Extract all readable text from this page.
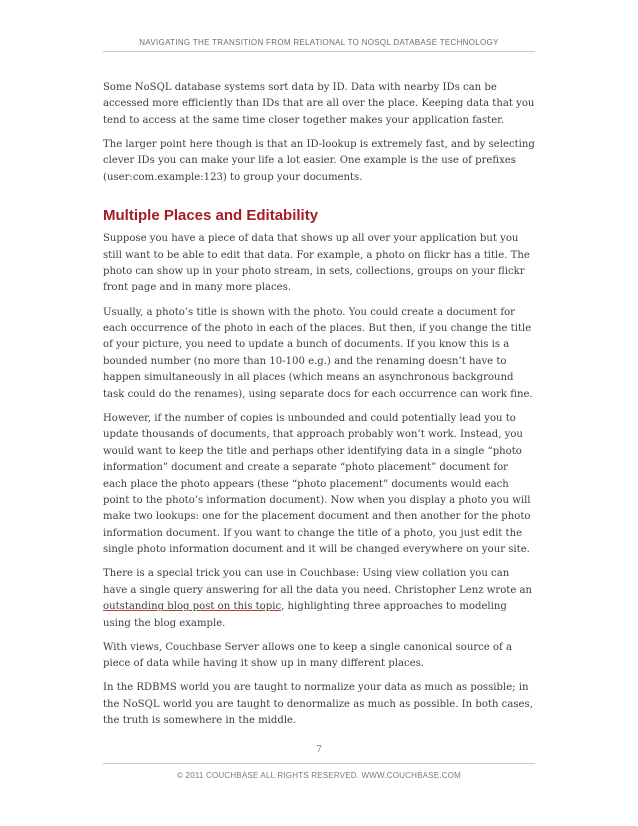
NAVIGATING THE TRANSITION FROM RELATIONAL TO NOSQL DATABASE TECHNOLOGY

Some NoSQL database systems sort data by ID. Data with nearby IDs can be accessed more efficiently than IDs that are all over the place. Keeping data that you tend to access at the same time closer together makes your application faster.

The larger point here though is that an ID-lookup is extremely fast, and by selecting clever IDs you can make your life a lot easier. One example is the use of prefixes (user:com.example:123) to group your documents.

Multiple Places and Editability

Suppose you have a piece of data that shows up all over your application but you still want to be able to edit that data. For example, a photo on flickr has a title. The photo can show up in your photo stream, in sets, collections, groups on your flickr front page and in many more places.

Usually, a photo’s title is shown with the photo. You could create a document for each occurrence of the photo in each of the places. But then, if you change the title of your picture, you need to update a bunch of documents. If you know this is a bounded number (no more than 10-100 e.g.) and the renaming doesn’t have to happen simultaneously in all places (which means an asynchronous background task could do the renames), using separate docs for each occurrence can work fine.

However, if the number of copies is unbounded and could potentially lead you to update thousands of documents, that approach probably won’t work. Instead, you would want to keep the title and perhaps other identifying data in a single “photo information” document and create a separate “photo placement” document for each place the photo appears (these “photo placement” documents would each point to the photo’s information document). Now when you display a photo you will make two lookups: one for the placement document and then another for the photo information document. If you want to change the title of a photo, you just edit the single photo information document and it will be changed everywhere on your site.

There is a special trick you can use in Couchbase: Using view collation you can have a single query answering for all the data you need. Christopher Lenz wrote an outstanding blog post on this topic, highlighting three approaches to modeling using the blog example.

With views, Couchbase Server allows one to keep a single canonical source of a piece of data while having it show up in many different places.

In the RDBMS world you are taught to normalize your data as much as possible; in the NoSQL world you are taught to denormalize as much as possible. In both cases, the truth is somewhere in the middle.

7
© 2011 COUCHBASE ALL RIGHTS RESERVED. WWW.COUCHBASE.COM
